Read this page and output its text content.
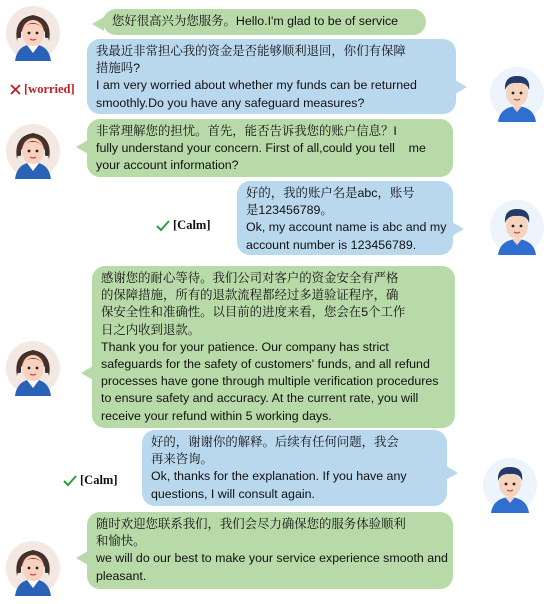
您好很高兴为您服务。Hello.I'm glad to be of service
[worried]
我最近非常担心我的资金是否能够顺利退回，你们有保障
措施吗?
I am very worried about whether my funds can be returned
smoothly.Do you have any safeguard measures?
非常理解您的担忧。首先，能否告诉我您的账户信息？I
fully understand your concern. First of all,could you tell    me
your account information?
[Calm]
好的，我的账户名是abc，账号
是123456789。
Ok, my account name is abc and my
account number is 123456789.
感谢您的耐心等待。我们公司对客户的资金安全有严格
的保障措施，所有的退款流程都经过多道验证程序，确
保安全性和准确性。以目前的进度来看，您会在5个工作
日之内收到退款。
Thank you for your patience. Our company has strict
safeguards for the safety of customers' funds, and all refund
processes have gone through multiple verification procedures
to ensure safety and accuracy. At the current rate, you will
receive your refund within 5 working days.
[Calm]
好的，谢谢你的解释。后续有任何问题，我会
再来咨询。
Ok, thanks for the explanation. If you have any
questions, I will consult again.
随时欢迎您联系我们，我们会尽力确保您的服务体验顺利
和愉快。
we will do our best to make your service experience smooth and
pleasant.
